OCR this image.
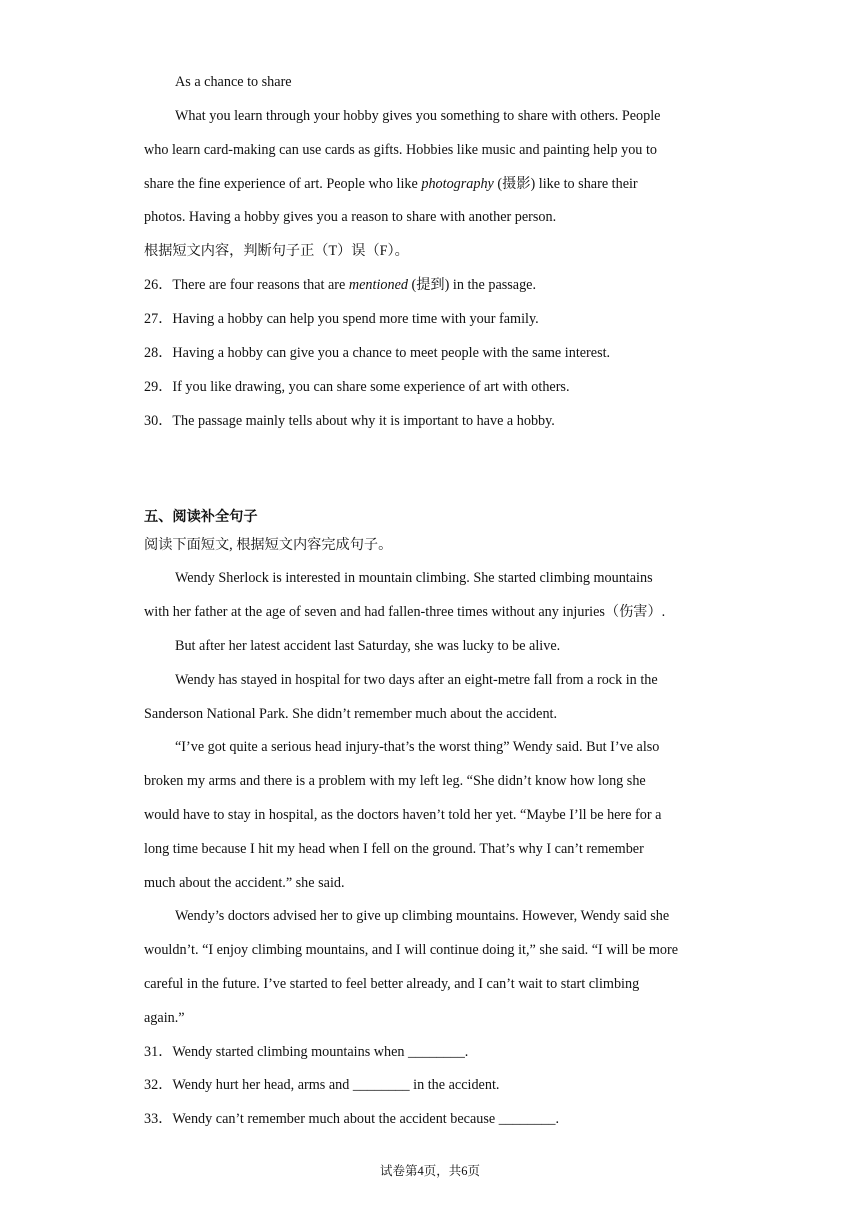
As a chance to share
What you learn through your hobby gives you something to share with others. People
who learn card-making can use cards as gifts. Hobbies like music and painting help you to
share the fine experience of art. People who like photography (摄影) like to share their
photos. Having a hobby gives you a reason to share with another person.
根据短文内容，判断句子正（T）误（F）。
26．There are four reasons that are mentioned (提到) in the passage.
27．Having a hobby can help you spend more time with your family.
28．Having a hobby can give you a chance to meet people with the same interest.
29．If you like drawing, you can share some experience of art with others.
30．The passage mainly tells about why it is important to have a hobby.
五、阅读补全句子
阅读下面短文, 根据短文内容完成句子。
Wendy Sherlock is interested in mountain climbing. She started climbing mountains
with her father at the age of seven and had fallen-three times without any injuries（伤害）.
But after her latest accident last Saturday, she was lucky to be alive.
Wendy has stayed in hospital for two days after an eight-metre fall from a rock in the
Sanderson National Park. She didn’t remember much about the accident.
“I’ve got quite a serious head injury-that’s the worst thing” Wendy said. But I’ve also
broken my arms and there is a problem with my left leg. “She didn’t know how long she
would have to stay in hospital, as the doctors haven’t told her yet. “Maybe I’ll be here for a
long time because I hit my head when I fell on the ground. That’s why I can’t remember
much about the accident.” she said.
Wendy’s doctors advised her to give up climbing mountains. However, Wendy said she
wouldn’t. “I enjoy climbing mountains, and I will continue doing it,” she said. “I will be more
careful in the future. I’ve started to feel better already, and I can’t wait to start climbing
again.”
31．Wendy started climbing mountains when ________.
32．Wendy hurt her head, arms and ________ in the accident.
33．Wendy can’t remember much about the accident because ________.
试卷第4页，共6页
